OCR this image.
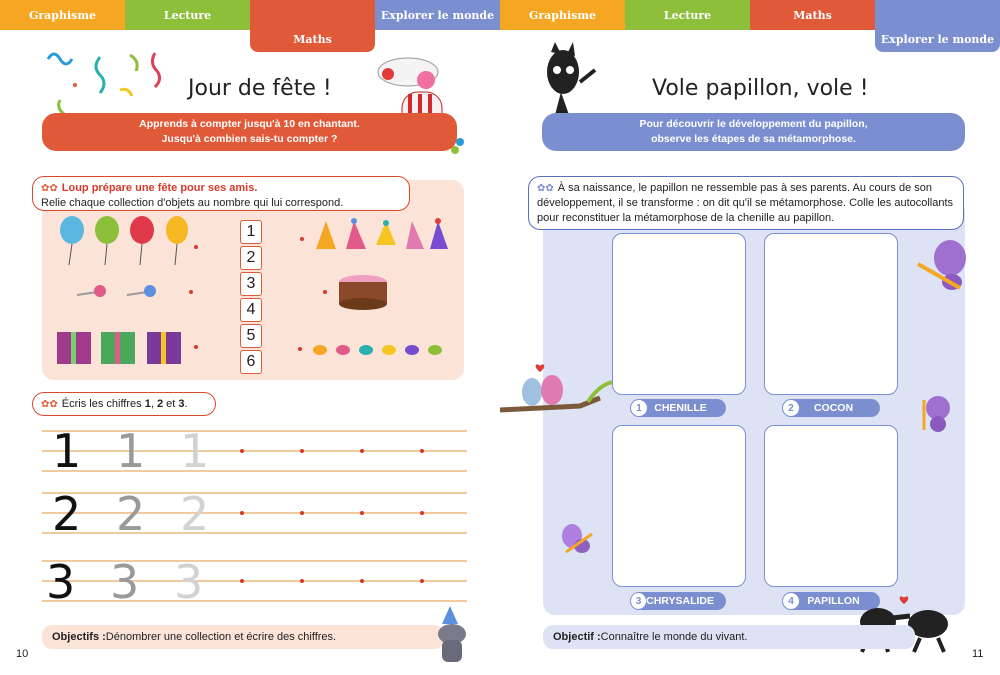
Graphisme	Lecture
Maths
Explorer le monde	Graphisme	Lecture	Maths
Explorer le monde
Jour de fête !
Apprends à compter jusqu'à 10 en chantant.
Jusqu'à combien sais-tu compter ?
✿✿ Loup prépare une fête pour ses amis.
Relie chaque collection d'objets au nombre qui lui correspond.
1
2
3
4
5
6
✿✿ Écris les chiffres 1, 2 et 3.
1 1 1
2 2 2
3 3 3
Objectifs : Dénombrer une collection et écrire des chiffres.
10
Vole papillon, vole !
Pour découvrir le développement du papillon,
observe les étapes de sa métamorphose.
✿✿ À sa naissance, le papillon ne ressemble pas à ses parents. Au cours de son développement, il se transforme : on dit qu'il se métamorphose. Colle les autocollants pour reconstituer la métamorphose de la chenille au papillon.
1	CHENILLE	2	COCON
3 CHRYSALIDE	4	PAPILLON
Objectif : Connaître le monde du vivant.
11
